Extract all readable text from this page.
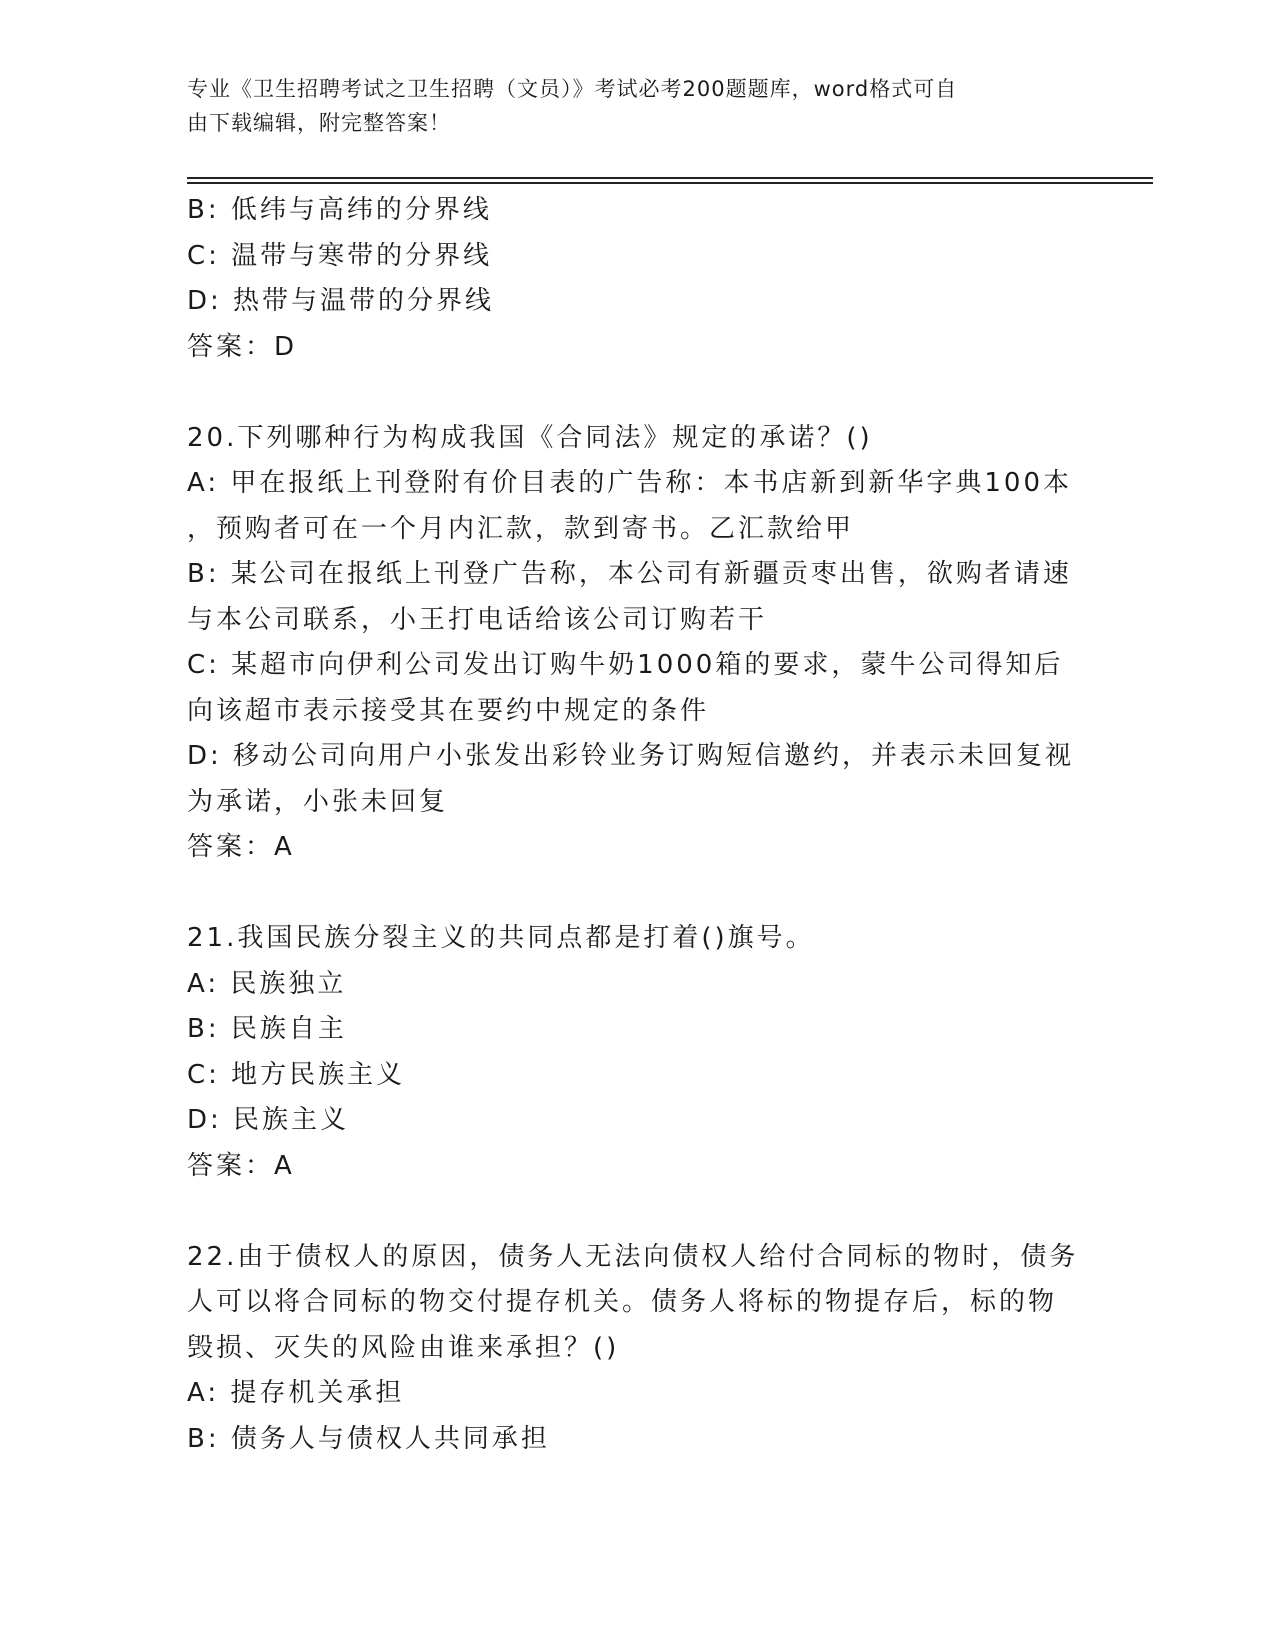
专业《卫生招聘考试之卫生招聘（文员）》考试必考200题题库，word格式可自
由下载编辑，附完整答案！
B: 低纬与高纬的分界线
C: 温带与寒带的分界线
D: 热带与温带的分界线
答案：D
20.下列哪种行为构成我国《合同法》规定的承诺？()
A: 甲在报纸上刊登附有价目表的广告称：本书店新到新华字典100本
，预购者可在一个月内汇款，款到寄书。乙汇款给甲
B: 某公司在报纸上刊登广告称，本公司有新疆贡枣出售，欲购者请速
与本公司联系，小王打电话给该公司订购若干
C: 某超市向伊利公司发出订购牛奶1000箱的要求，蒙牛公司得知后
向该超市表示接受其在要约中规定的条件
D: 移动公司向用户小张发出彩铃业务订购短信邀约，并表示未回复视
为承诺，小张未回复
答案：A
21.我国民族分裂主义的共同点都是打着()旗号。
A: 民族独立
B: 民族自主
C: 地方民族主义
D: 民族主义
答案：A
22.由于债权人的原因，债务人无法向债权人给付合同标的物时，债务
人可以将合同标的物交付提存机关。债务人将标的物提存后，标的物
毁损、灭失的风险由谁来承担？()
A: 提存机关承担
B: 债务人与债权人共同承担
